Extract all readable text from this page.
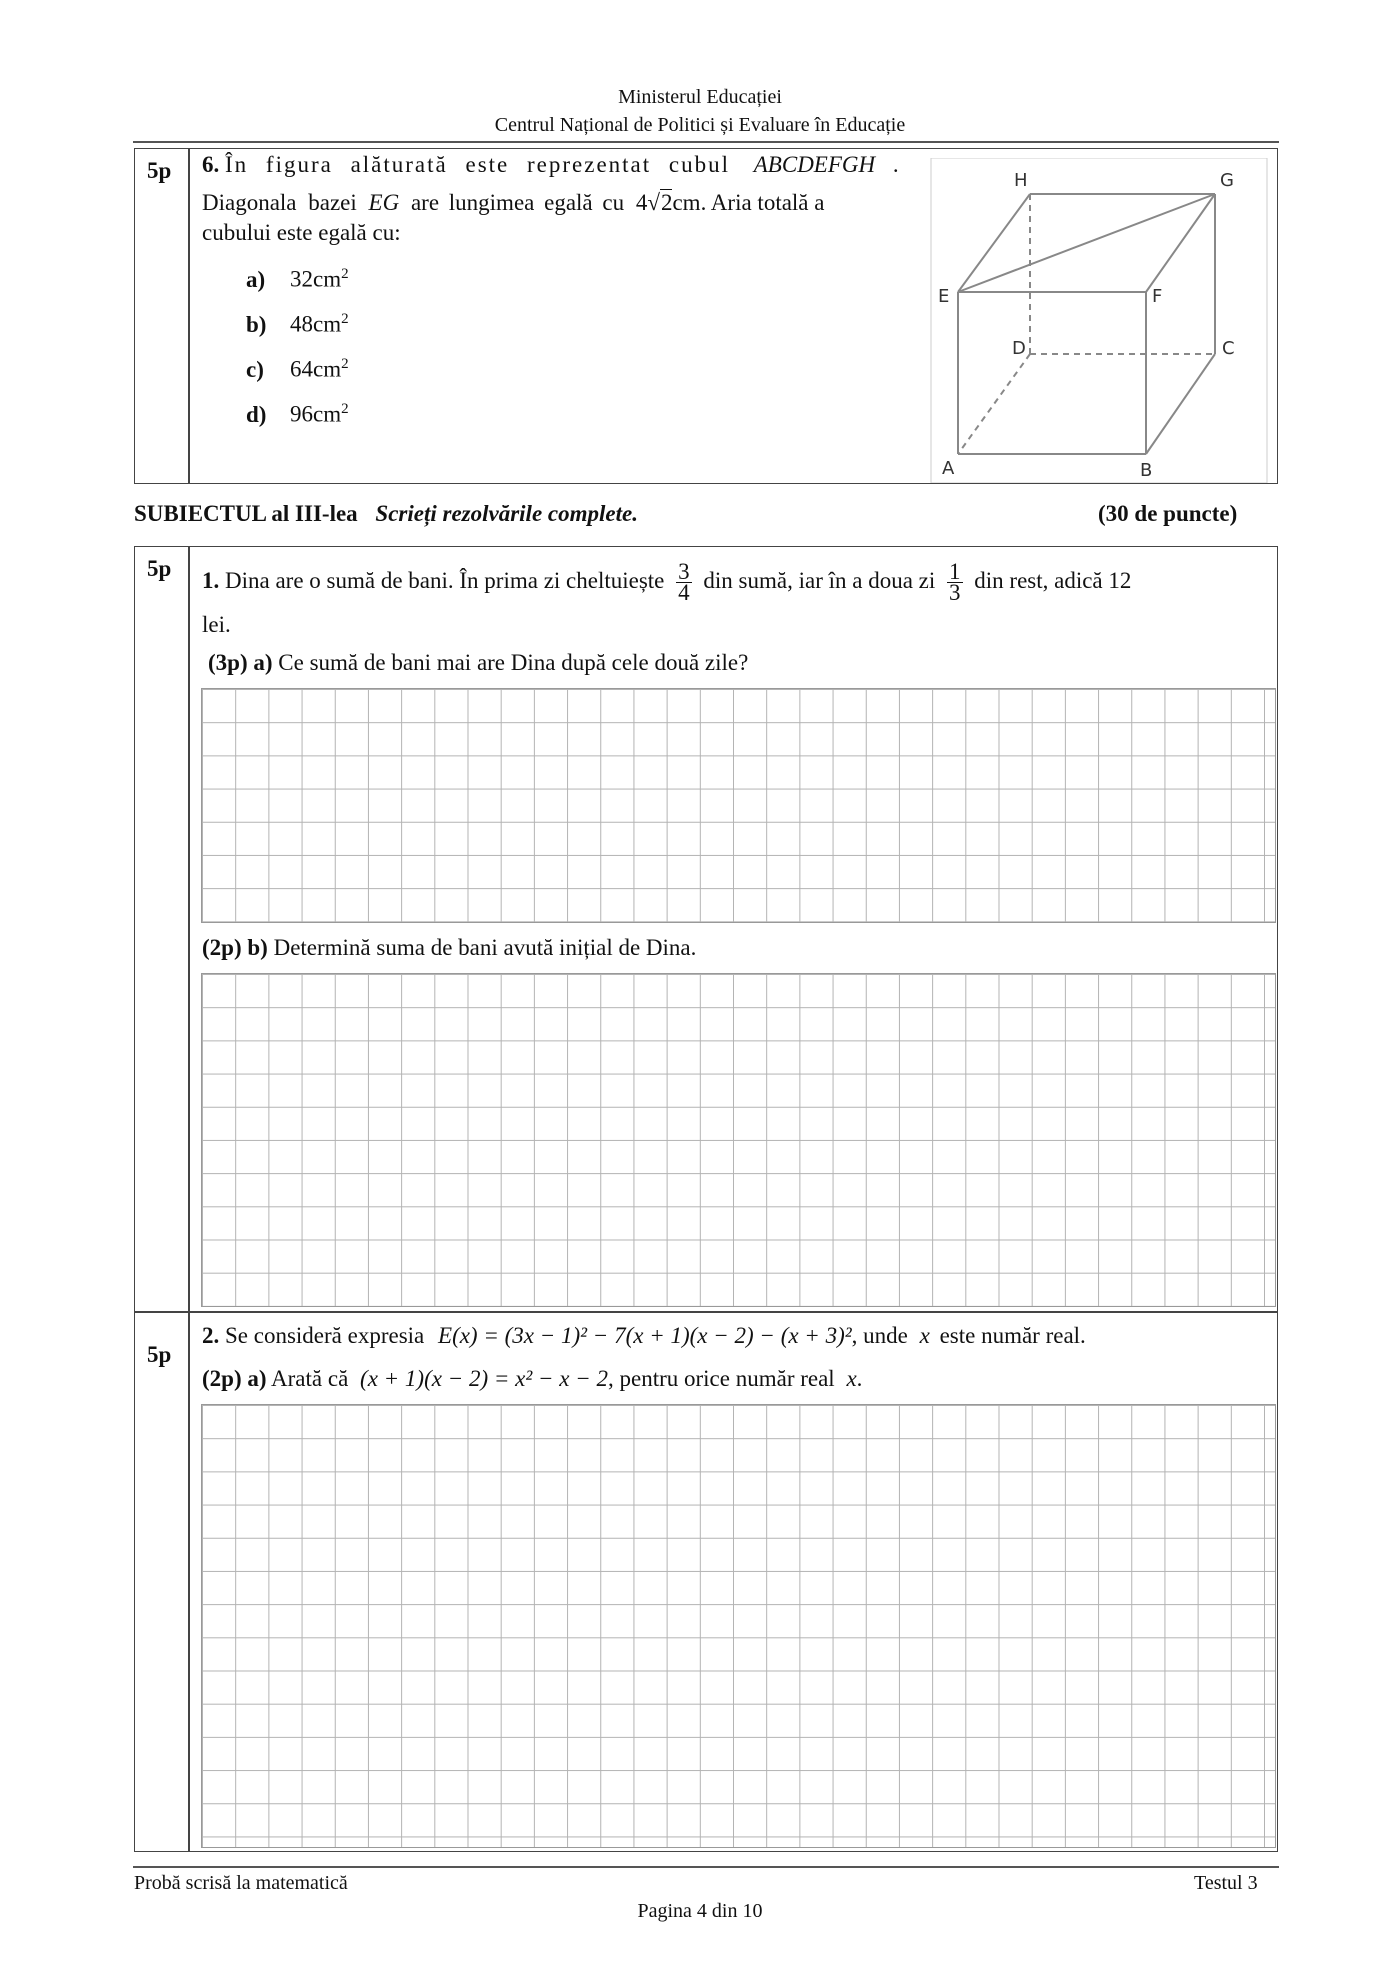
Ministerul Educației
Centrul Național de Politici și Evaluare în Educație
5p 6. În figura alăturată este reprezentat cubul ABCDEFGH .
Diagonala bazei EG are lungimea egală cu 4√2cm. Aria totală a
cubului este egală cu:
a) $32cm^2$
b) $48cm^2$
c) $64cm^2$
d) $96cm^2$
H	G
E	F
D	C
A	B
SUBIECTUL al III-lea Scrieți rezolvările complete.	(30 de puncte)
5p 1. Dina are o sumă de bani. În prima zi cheltuiește $\frac{3}{4}$ din sumă, iar în a doua zi $\frac{1}{3}$ din rest, adică 12
lei.
(3p) a) Ce sumă de bani mai are Dina după cele două zile?
(2p) b) Determină suma de bani avută inițial de Dina.
5p
2. Se consideră expresia E(x) = (3x − 1)² − 7(x + 1)(x − 2) − (x + 3)², unde x este număr real.
(2p) a) Arată că (x + 1)(x − 2) = x² − x − 2, pentru orice număr real x.
Probă scrisă la matematică	Testul 3
Pagina 4 din 10
